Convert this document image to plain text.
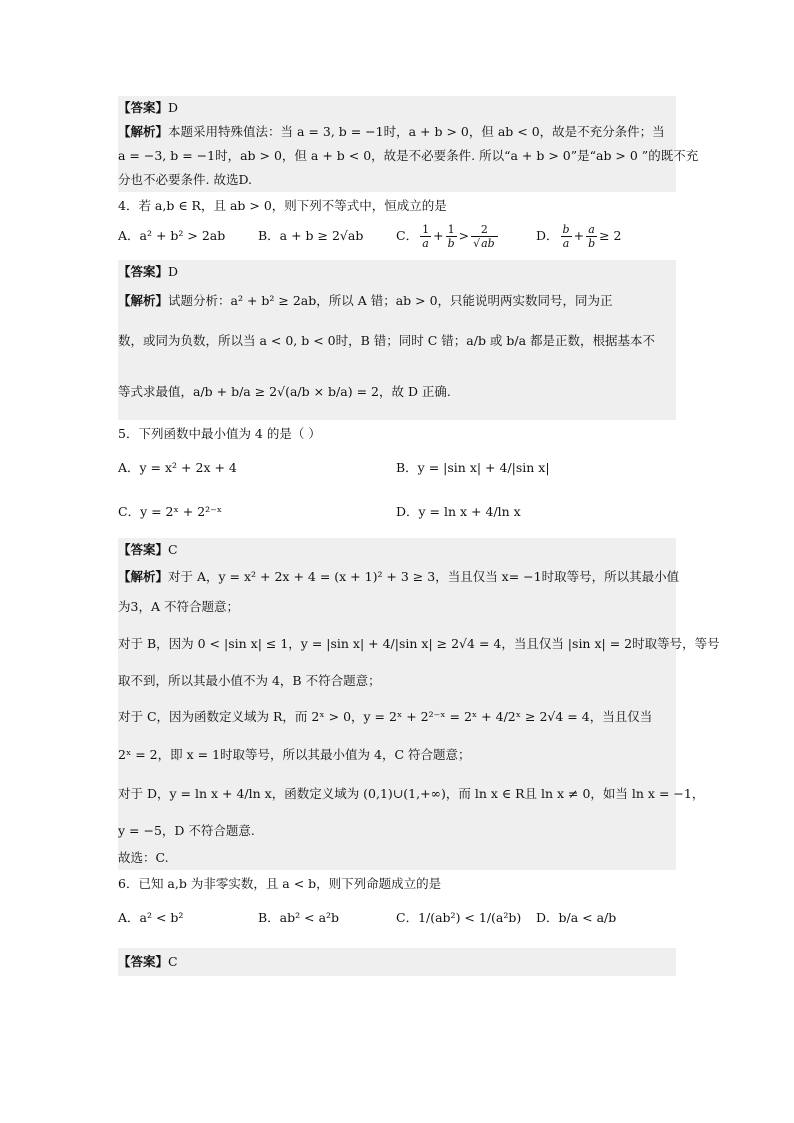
【答案】D
【解析】本题采用特殊值法：当 a = 3, b = −1时，a + b > 0，但 ab < 0，故是不充分条件；当
a = −3, b = −1时，ab > 0，但 a + b < 0，故是不必要条件. 所以“a + b > 0”是“ab > 0 ”的既不充
分也不必要条件. 故选D.
4．若 a,b ∈ R，且 ab > 0，则下列不等式中，恒成立的是
A．a² + b² > 2ab	B．a + b ≥ 2√ab	C． $\frac{1}{a} + \frac{1}{b} > \frac{2}{√ab}$	D． $\frac{b}{a} + \frac{a}{b} \ge 2$
【答案】D
【解析】试题分析：a² + b² ≥ 2ab，所以 A 错；ab > 0，只能说明两实数同号，同为正
数，或同为负数，所以当 a < 0, b < 0时，B 错；同时 C 错；a/b 或 b/a 都是正数，根据基本不
等式求最值，a/b + b/a ≥ 2√(a/b × b/a) = 2，故 D 正确.
5．下列函数中最小值为 4 的是（ ）
A．y = x² + 2x + 4	B．y = |sin x| + 4/|sin x|
C．y = 2ˣ + 2²⁻ˣ	D．y = ln x + 4/ln x
【答案】C
【解析】对于 A，y = x² + 2x + 4 = (x + 1)² + 3 ≥ 3，当且仅当 x= −1时取等号，所以其最小值
为3，A 不符合题意；
对于 B，因为 0 < |sin x| ≤ 1，y = |sin x| + 4/|sin x| ≥ 2√4 = 4，当且仅当 |sin x| = 2时取等号，等号
取不到，所以其最小值不为 4，B 不符合题意；
对于 C，因为函数定义域为 R，而 2ˣ > 0，y = 2ˣ + 2²⁻ˣ = 2ˣ + 4/2ˣ ≥ 2√4 = 4，当且仅当
2ˣ = 2，即 x = 1时取等号，所以其最小值为 4，C 符合题意；
对于 D，y = ln x + 4/ln x，函数定义域为 (0,1)∪(1,+∞)，而 ln x ∈ R且 ln x ≠ 0，如当 ln x = −1，
y = −5，D 不符合题意.
故选：C.
6．已知 a,b 为非零实数，且 a < b，则下列命题成立的是
A．a² < b²	B．ab² < a²b	C．1/(ab²) < 1/(a²b) D．b/a < a/b
【答案】C
